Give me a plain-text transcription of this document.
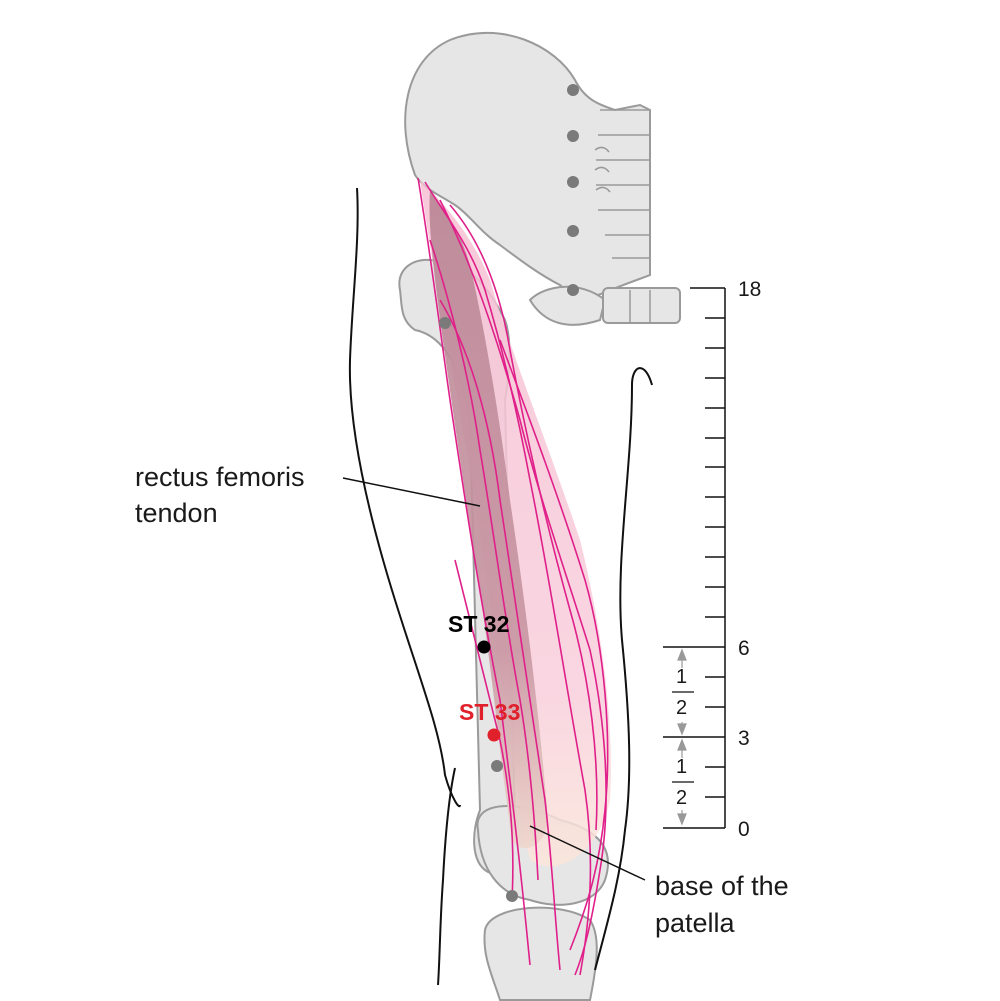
ST 32
ST 33
rectus femoris
tendon
base of the
patella
18
6
3
0
1
2
1
2
